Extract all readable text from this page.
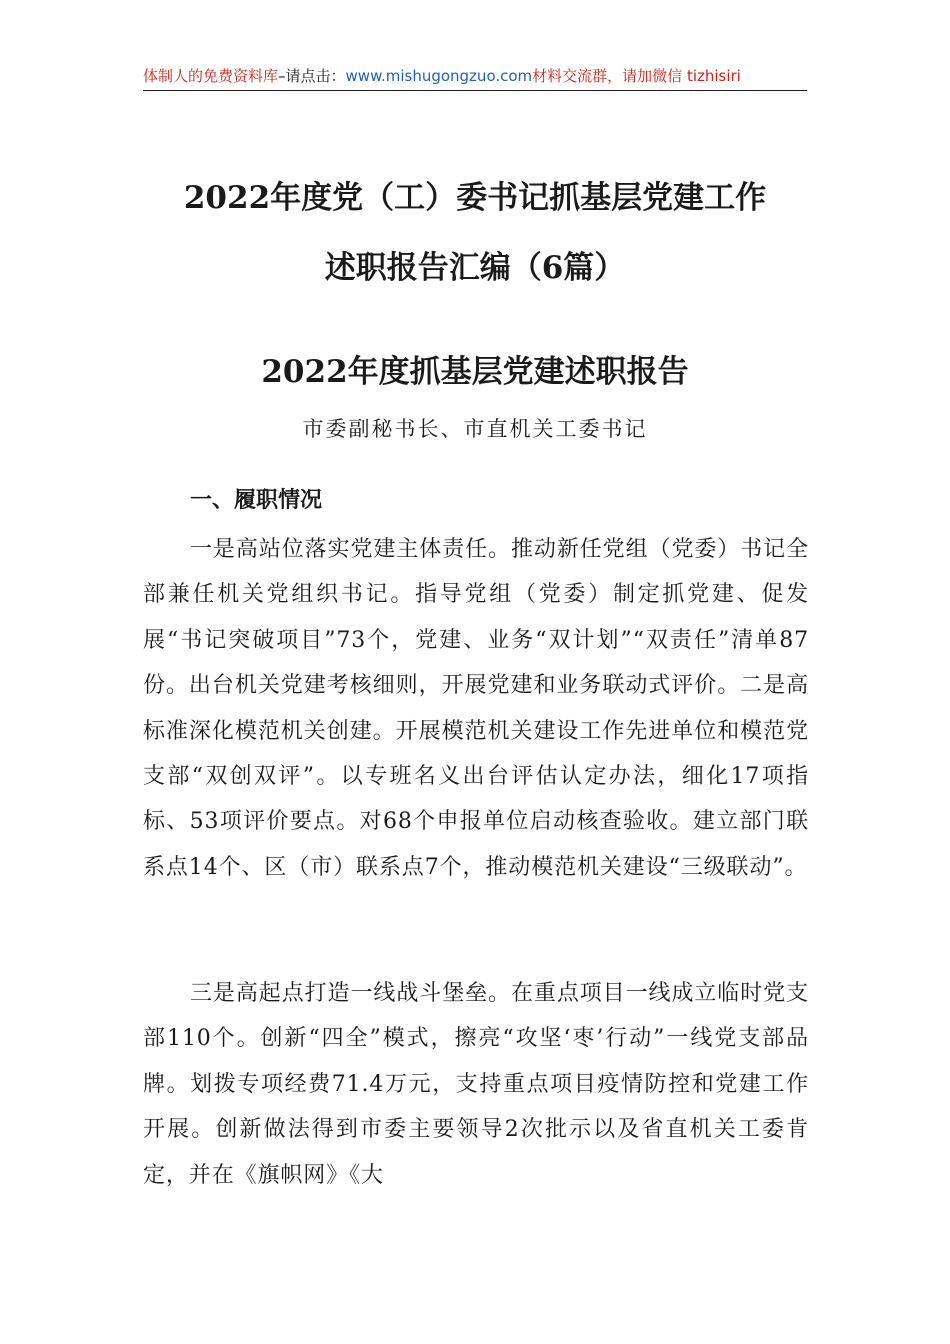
体制人的免费资料库–请点击：www.mishugongzuo.com材料交流群，请加微信 tizhisiri
2022年度党（工）委书记抓基层党建工作
述职报告汇编（6篇）
2022年度抓基层党建述职报告
市委副秘书长、市直机关工委书记
一、履职情况

一是高站位落实党建主体责任。推动新任党组（党委）书记全部兼任机关党组织书记。指导党组（党委）制定抓党建、促发展“书记突破项目”73个，党建、业务“双计划”“双责任”清单87份。出台机关党建考核细则，开展党建和业务联动式评价。二是高标准深化模范机关创建。开展模范机关建设工作先进单位和模范党支部“双创双评”。以专班名义出台评估认定办法，细化17项指标、53项评价要点。对68个申报单位启动核查验收。建立部门联系点14个、区（市）联系点7个，推动模范机关建设“三级联动”。

三是高起点打造一线战斗堡垒。在重点项目一线成立临时党支部110个。创新“四全”模式，擦亮“攻坚‘枣’行动”一线党支部品牌。划拨专项经费71.4万元，支持重点项目疫情防控和党建工作开展。创新做法得到市委主要领导2次批示以及省直机关工委肯定，并在《旗帜网》《大
